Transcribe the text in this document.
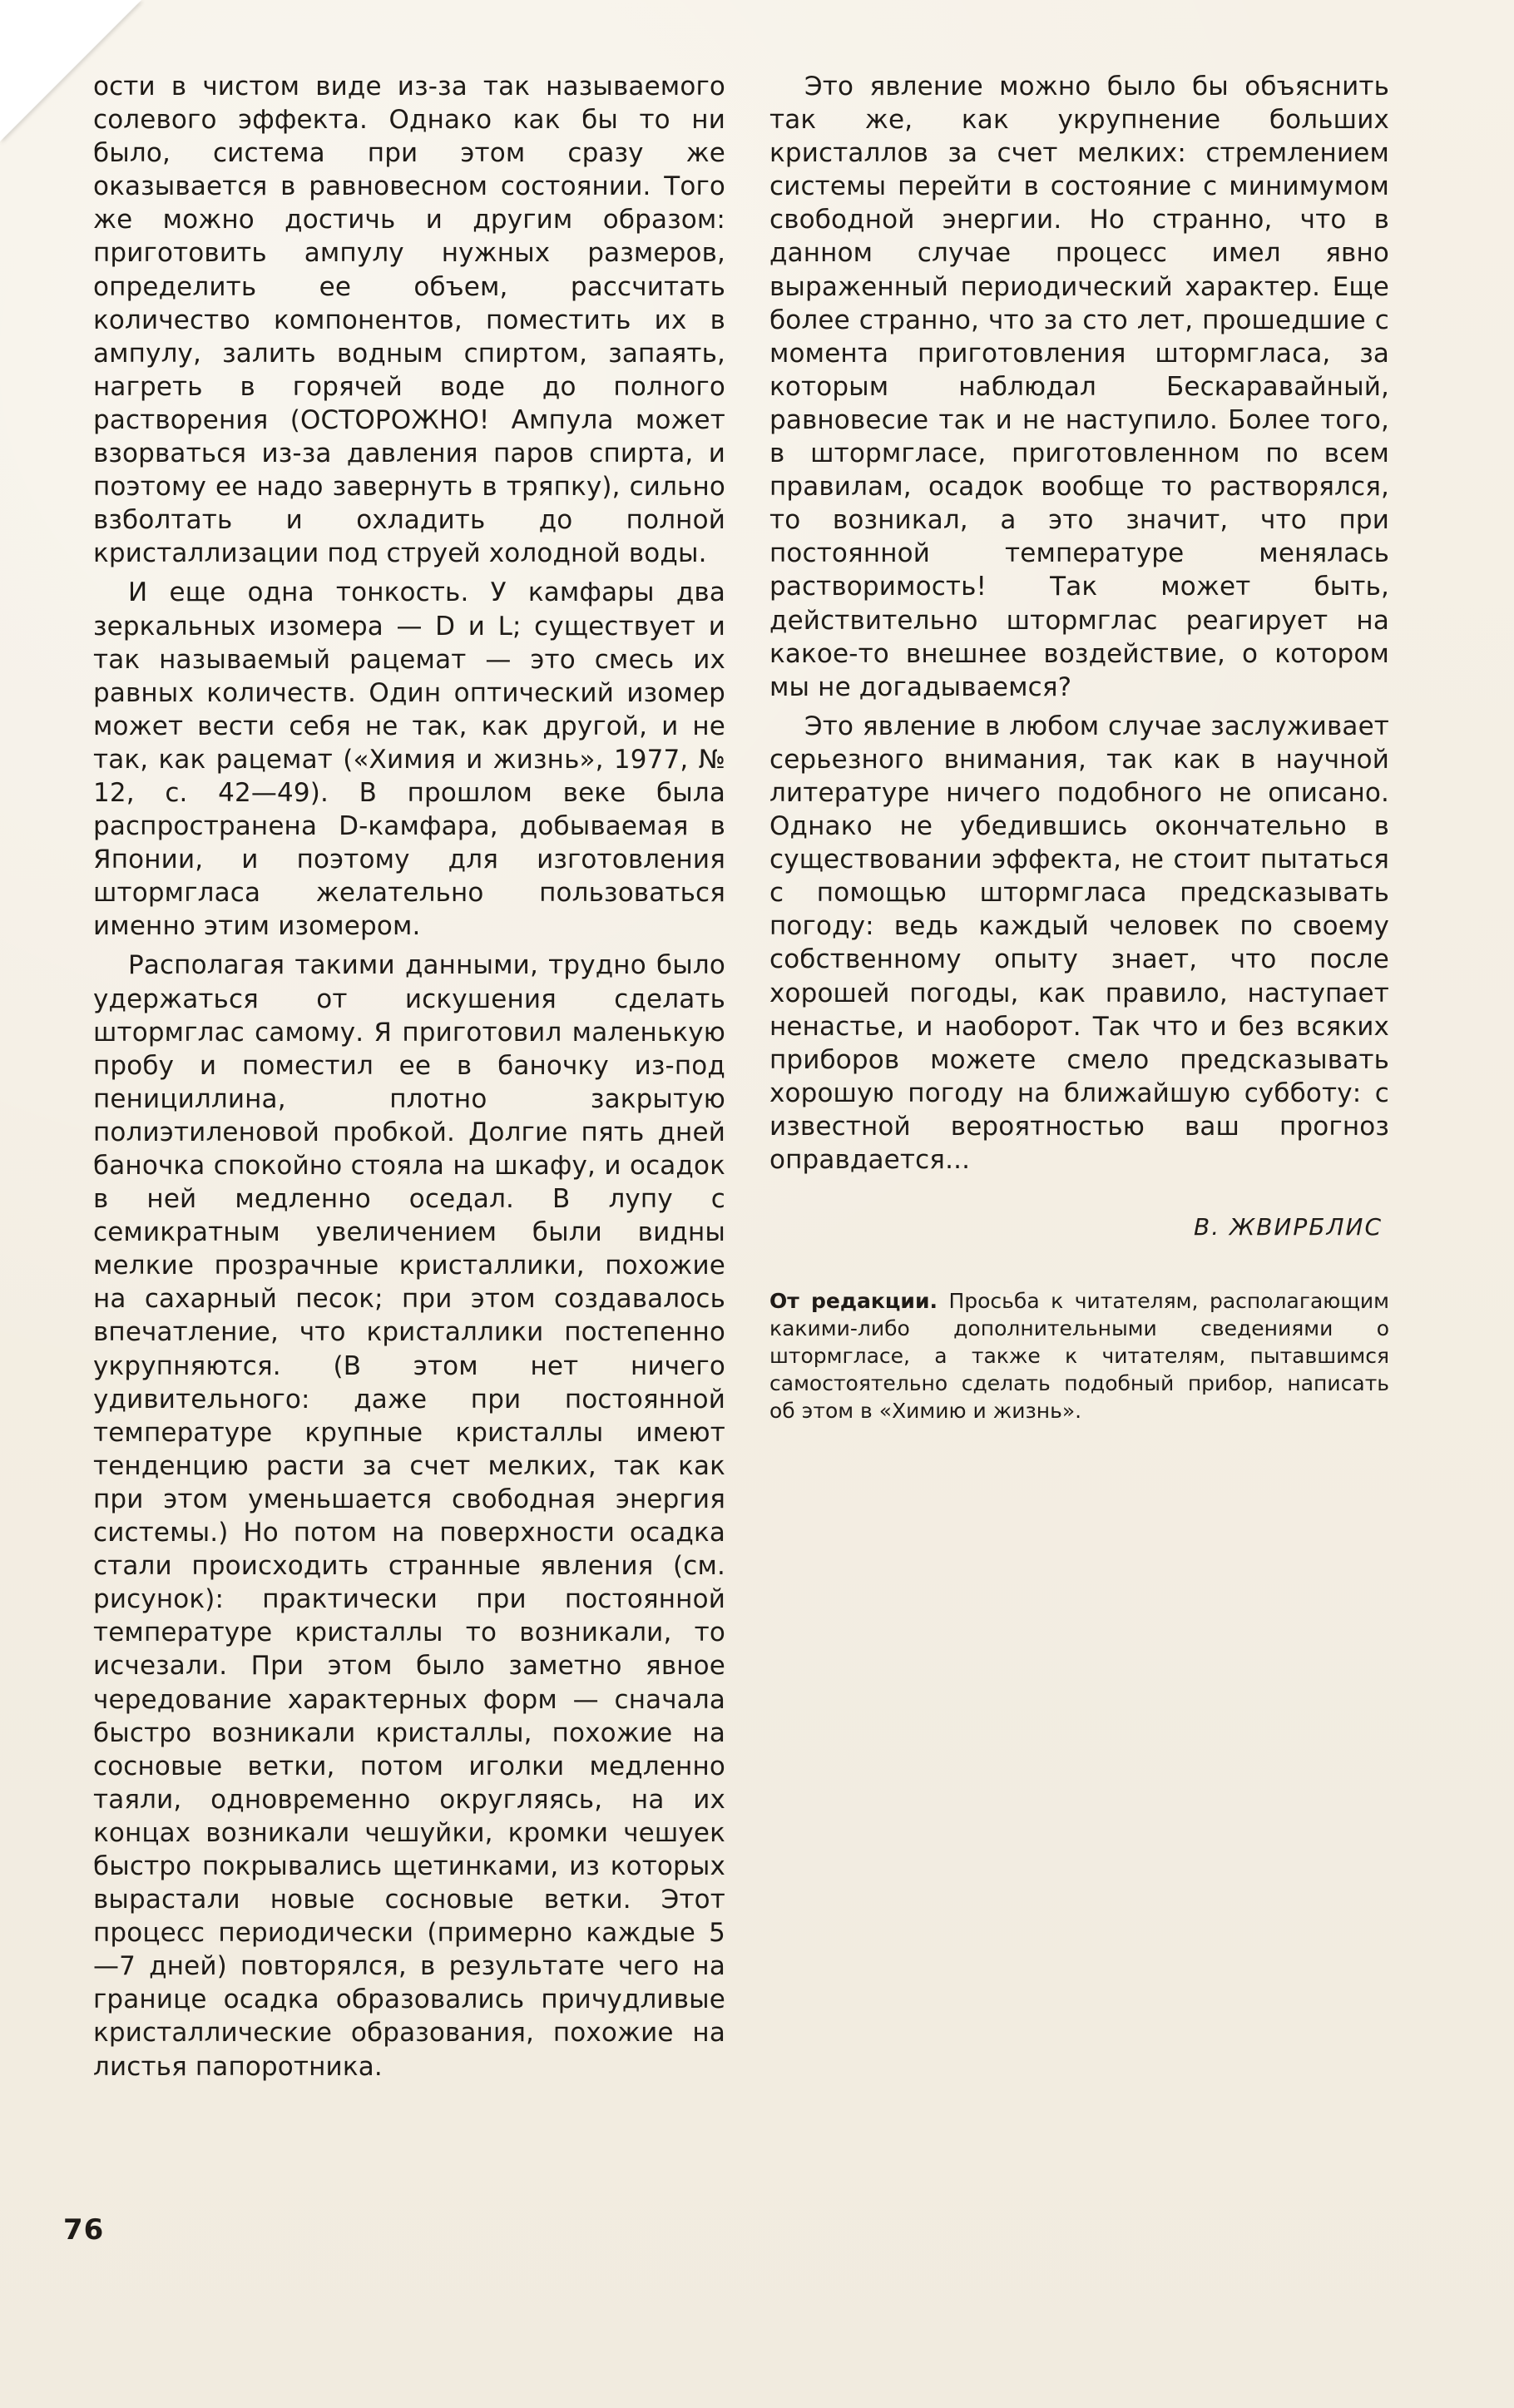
ости в чистом виде из-за так называемого солевого эффекта. Однако как бы то ни было, система при этом сразу же оказывается в равновесном состоянии. Того же можно достичь и другим образом: приготовить ампулу нужных размеров, определить ее объем, рассчитать количество компонентов, поместить их в ампулу, залить водным спиртом, запаять, нагреть в горячей воде до полного растворения (ОСТОРОЖНО! Ампула может взорваться из-за давления паров спирта, и поэтому ее надо завернуть в тряпку), сильно взболтать и охладить до полной кристаллизации под струей холодной воды.

И еще одна тонкость. У камфары два зеркальных изомера — D и L; существует и так называемый рацемат — это смесь их равных количеств. Один оптический изомер может вести себя не так, как другой, и не так, как рацемат («Химия и жизнь», 1977, № 12, с. 42—49). В прошлом веке была распространена D-камфара, добываемая в Японии, и поэтому для изготовления штормгласа желательно пользоваться именно этим изомером.

Располагая такими данными, трудно было удержаться от искушения сделать штормглас самому. Я приготовил маленькую пробу и поместил ее в баночку из-под пенициллина, плотно закрытую полиэтиленовой пробкой. Долгие пять дней баночка спокойно стояла на шкафу, и осадок в ней медленно оседал. В лупу с семикратным увеличением были видны мелкие прозрачные кристаллики, похожие на сахарный песок; при этом создавалось впечатление, что кристаллики постепенно укрупняются. (В этом нет ничего удивительного: даже при постоянной температуре крупные кристаллы имеют тенденцию расти за счет мелких, так как при этом уменьшается свободная энергия системы.) Но потом на поверхности осадка стали происходить странные явления (см. рисунок): практически при постоянной температуре кристаллы то возникали, то исчезали. При этом было заметно явное чередование характерных форм — сначала быстро возникали кристаллы, похожие на сосновые ветки, потом иголки медленно таяли, одновременно округляясь, на их концах возникали чешуйки, кромки чешуек быстро покрывались щетинками, из которых вырастали новые сосновые ветки. Этот процесс периодически (примерно каждые 5—7 дней) повторялся, в результате чего на границе осадка образовались причудливые кристаллические образования, похожие на листья папоротника.

Это явление можно было бы объяснить так же, как укрупнение больших кристаллов за счет мелких: стремлением системы перейти в состояние с минимумом свободной энергии. Но странно, что в данном случае процесс имел явно выраженный периодический характер. Еще более странно, что за сто лет, прошедшие с момента приготовления штормгласа, за которым наблюдал Бескаравайный, равновесие так и не наступило. Более того, в штормгласе, приготовленном по всем правилам, осадок вообще то растворялся, то возникал, а это значит, что при постоянной температуре менялась растворимость! Так может быть, действительно штормглас реагирует на какое-то внешнее воздействие, о котором мы не догадываемся?

Это явление в любом случае заслуживает серьезного внимания, так как в научной литературе ничего подобного не описано. Однако не убедившись окончательно в существовании эффекта, не стоит пытаться с помощью штормгласа предсказывать погоду: ведь каждый человек по своему собственному опыту знает, что после хорошей погоды, как правило, наступает ненастье, и наоборот. Так что и без всяких приборов можете смело предсказывать хорошую погоду на ближайшую субботу: с известной вероятностью ваш прогноз оправдается...

В. ЖВИРБЛИС
От редакции. Просьба к читателям, располагающим какими-либо дополнительными сведениями о штормгласе, а также к читателям, пытавшимся самостоятельно сделать подобный прибор, написать об этом в «Химию и жизнь».
76
